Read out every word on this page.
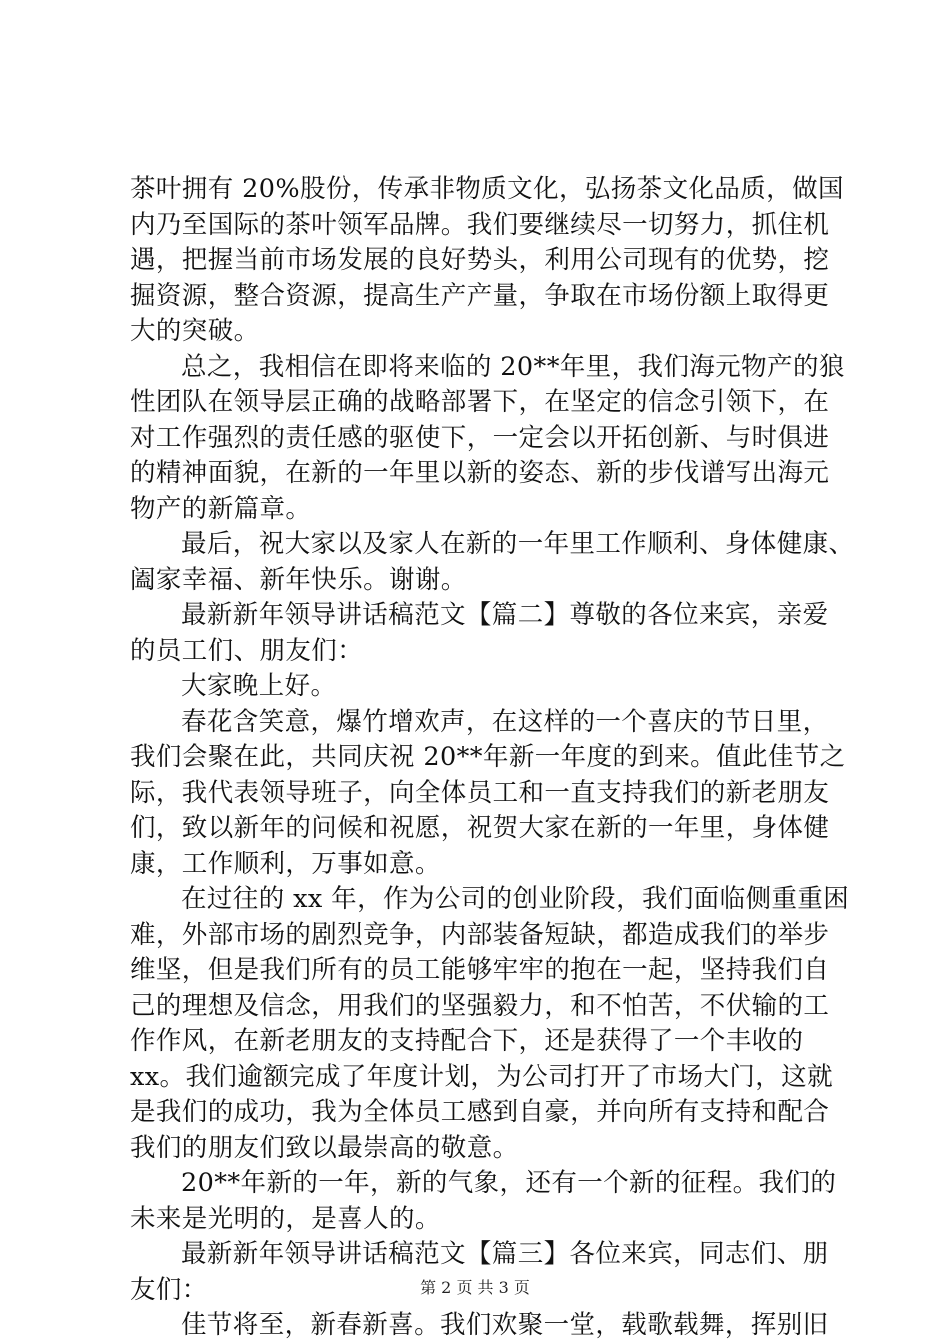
茶叶拥有 20%股份，传承非物质文化，弘扬茶文化品质，做国
内乃至国际的茶叶领军品牌。我们要继续尽一切努力，抓住机
遇，把握当前市场发展的良好势头，利用公司现有的优势，挖
掘资源，整合资源，提高生产产量，争取在市场份额上取得更
大的突破。
总之，我相信在即将来临的 20**年里，我们海元物产的狼
性团队在领导层正确的战略部署下，在坚定的信念引领下，在
对工作强烈的责任感的驱使下，一定会以开拓创新、与时俱进
的精神面貌，在新的一年里以新的姿态、新的步伐谱写出海元
物产的新篇章。
最后，祝大家以及家人在新的一年里工作顺利、身体健康、
阖家幸福、新年快乐。谢谢。
最新新年领导讲话稿范文【篇二】尊敬的各位来宾，亲爱
的员工们、朋友们：
大家晚上好。
春花含笑意，爆竹增欢声，在这样的一个喜庆的节日里，
我们会聚在此，共同庆祝 20**年新一年度的到来。值此佳节之
际，我代表领导班子，向全体员工和一直支持我们的新老朋友
们，致以新年的问候和祝愿，祝贺大家在新的一年里，身体健
康，工作顺利，万事如意。
在过往的 xx 年，作为公司的创业阶段，我们面临侧重重困
难，外部市场的剧烈竞争，内部装备短缺，都造成我们的举步
维坚，但是我们所有的员工能够牢牢的抱在一起，坚持我们自
己的理想及信念，用我们的坚强毅力，和不怕苦，不伏输的工
作作风，在新老朋友的支持配合下，还是获得了一个丰收的
xx。我们逾额完成了年度计划，为公司打开了市场大门，这就
是我们的成功，我为全体员工感到自豪，并向所有支持和配合
我们的朋友们致以最崇高的敬意。
20**年新的一年，新的气象，还有一个新的征程。我们的
未来是光明的，是喜人的。
最新新年领导讲话稿范文【篇三】各位来宾，同志们、朋
友们：
佳节将至，新春新喜。我们欢聚一堂，载歌载舞，挥别旧
第 2 页 共 3 页
